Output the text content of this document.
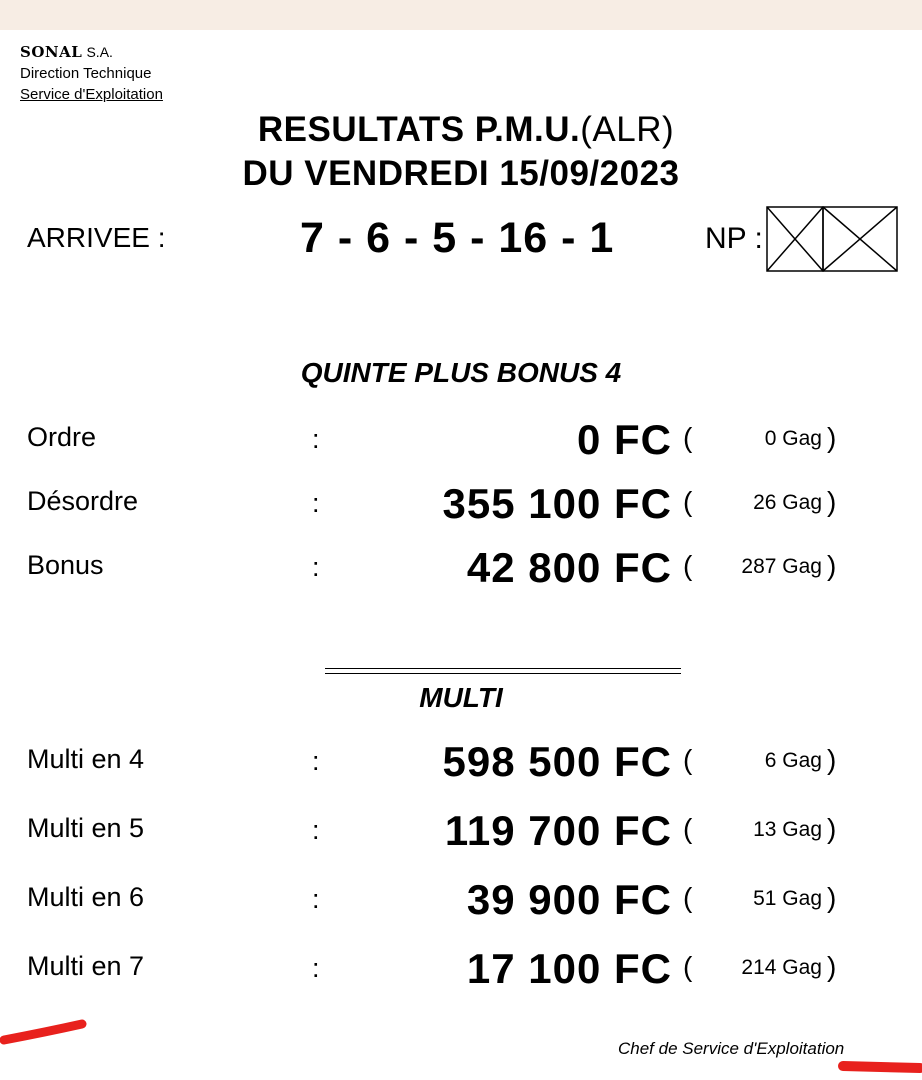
SONAL S.A.
Direction Technique
Service d'Exploitation
RESULTATS P.M.U.(ALR)
DU VENDREDI 15/09/2023
ARRIVEE :	7 - 6 - 5 - 16 - 1	NP :
QUINTE PLUS BONUS 4
Ordre	:	0 FC (	0 Gag )
Désordre	:	355 100 FC (	26 Gag )
Bonus	:	42 800 FC ( 287 Gag )
MULTI
Multi en 4	:	598 500 FC (	6 Gag )
Multi en 5	:	119 700 FC (	13 Gag )
Multi en 6	:	39 900 FC (	51 Gag )
Multi en 7	:	17 100 FC ( 214 Gag )
Chef de Service d'Exploitation
